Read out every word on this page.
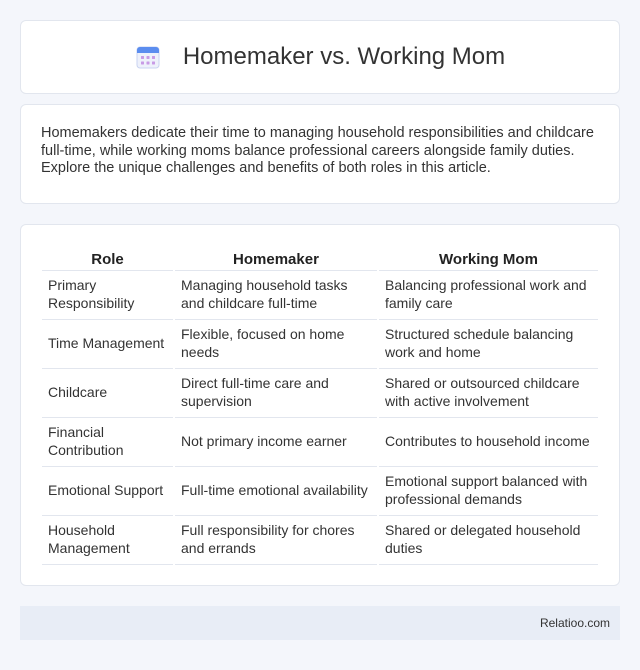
Homemaker vs. Working Mom

Homemakers dedicate their time to managing household responsibilities and childcare full-time, while working moms balance professional careers alongside family duties. Explore the unique challenges and benefits of both roles in this article.

Role	Homemaker	Working Mom
Primary Responsibility	Managing household tasks and childcare full-time	Balancing professional work and family care
Time Management	Flexible, focused on home needs	Structured schedule balancing work and home
Childcare	Direct full-time care and supervision	Shared or outsourced childcare with active involvement
Financial Contribution	Not primary income earner	Contributes to household income
Emotional Support	Full-time emotional availability	Emotional support balanced with professional demands
Household Management	Full responsibility for chores and errands	Shared or delegated household duties
Relatioo.com
